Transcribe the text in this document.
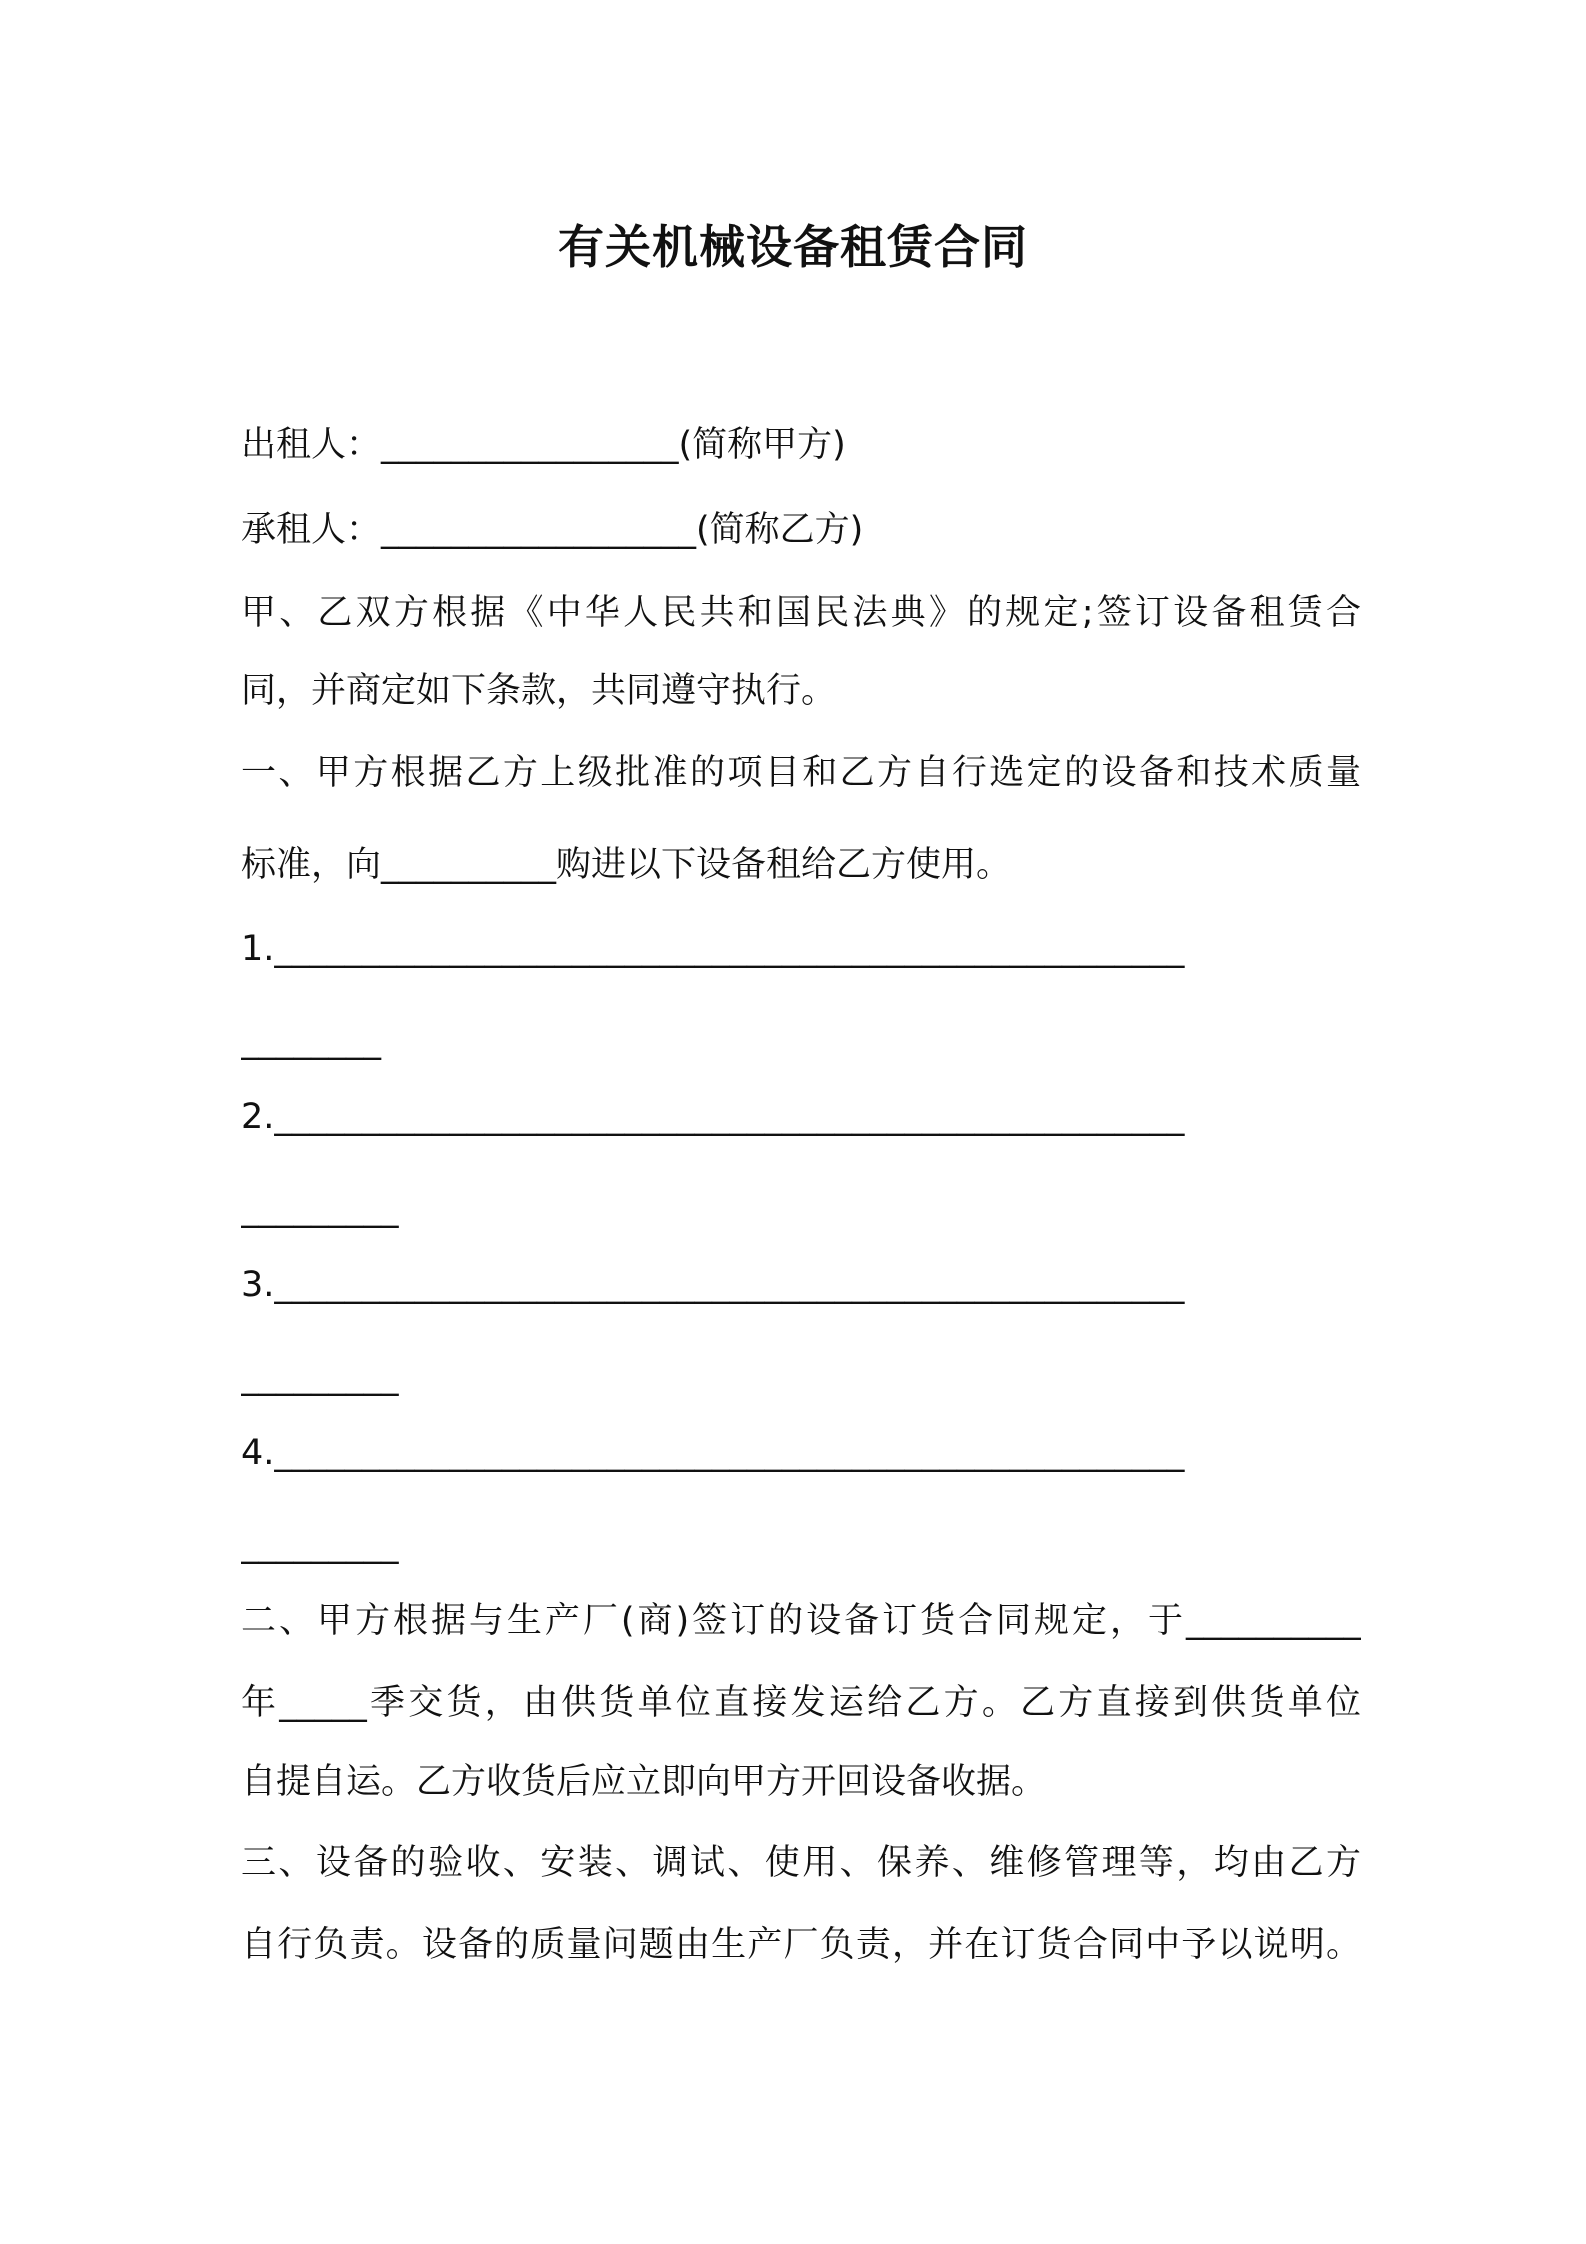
有关机械设备租赁合同
出租人：_________________(简称甲方)
承租人：__________________(简称乙方)
甲、乙双方根据《中华人民共和国民法典》的规定;签订设备租赁合
同，并商定如下条款，共同遵守执行。
一、甲方根据乙方上级批准的项目和乙方自行选定的设备和技术质量
标准，向__________购进以下设备租给乙方使用。
1.____________________________________________________
________
2.____________________________________________________
_________
3.____________________________________________________
_________
4.____________________________________________________
_________
二、甲方根据与生产厂(商)签订的设备订货合同规定，于__________
年_____季交货，由供货单位直接发运给乙方。乙方直接到供货单位
自提自运。乙方收货后应立即向甲方开回设备收据。
三、设备的验收、安装、调试、使用、保养、维修管理等，均由乙方
自行负责。设备的质量问题由生产厂负责，并在订货合同中予以说明。
